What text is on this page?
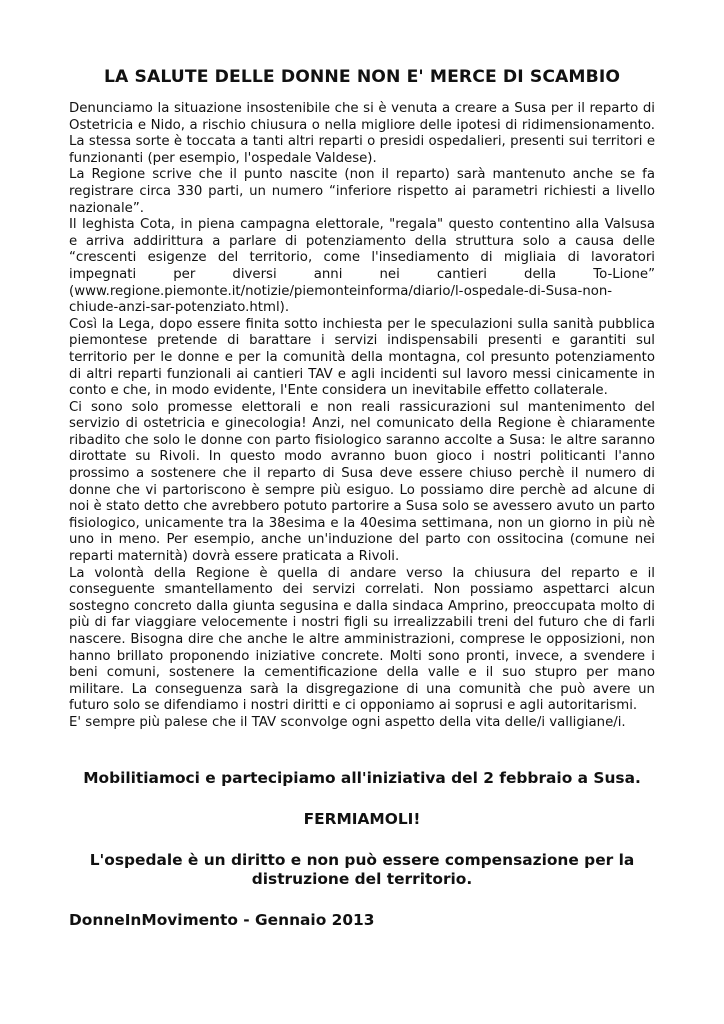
LA SALUTE DELLE DONNE NON E' MERCE DI SCAMBIO

Denunciamo la situazione insostenibile che si è venuta a creare a Susa per il reparto di Ostetricia e Nido, a rischio chiusura o nella migliore delle ipotesi di ridimensionamento. La stessa sorte è toccata a tanti altri reparti o presidi ospedalieri, presenti sui territori e funzionanti (per esempio, l'ospedale Valdese).

La Regione scrive che il punto nascite (non il reparto) sarà mantenuto anche se fa registrare circa 330 parti, un numero “inferiore rispetto ai parametri richiesti a livello nazionale”.

Il leghista Cota, in piena campagna elettorale, "regala" questo contentino alla Valsusa e arriva addirittura a parlare di potenziamento della struttura solo a causa delle “crescenti esigenze del territorio, come l'insediamento di migliaia di lavoratori impegnati per diversi anni nei cantieri della To-Lione” (www.regione.piemonte.it/notizie/piemonteinforma/diario/l-ospedale-di-Susa-non-chiude-anzi-sar-potenziato.html).

Così la Lega, dopo essere finita sotto inchiesta per le speculazioni sulla sanità pubblica piemontese pretende di barattare i servizi indispensabili presenti e garantiti sul territorio per le donne e per la comunità della montagna, col presunto potenziamento di altri reparti funzionali ai cantieri TAV e agli incidenti sul lavoro messi cinicamente in conto e che, in modo evidente, l'Ente considera un inevitabile effetto collaterale.

Ci sono solo promesse elettorali e non reali rassicurazioni sul mantenimento del servizio di ostetricia e ginecologia! Anzi, nel comunicato della Regione è chiaramente ribadito che solo le donne con parto fisiologico saranno accolte a Susa: le altre saranno dirottate su Rivoli. In questo modo avranno buon gioco i nostri politicanti l'anno prossimo a sostenere che il reparto di Susa deve essere chiuso perchè il numero di donne che vi partoriscono è sempre più esiguo. Lo possiamo dire perchè ad alcune di noi è stato detto che avrebbero potuto partorire a Susa solo se avessero avuto un parto fisiologico, unicamente tra la 38esima e la 40esima settimana, non un giorno in più nè uno in meno. Per esempio, anche un'induzione del parto con ossitocina (comune nei reparti maternità) dovrà essere praticata a Rivoli.

La volontà della Regione è quella di andare verso la chiusura del reparto e il conseguente smantellamento dei servizi correlati. Non possiamo aspettarci alcun sostegno concreto dalla giunta segusina e dalla sindaca Amprino, preoccupata molto di più di far viaggiare velocemente i nostri figli su irrealizzabili treni del futuro che di farli nascere. Bisogna dire che anche le altre amministrazioni, comprese le opposizioni, non hanno brillato proponendo iniziative concrete. Molti sono pronti, invece, a svendere i beni comuni, sostenere la cementificazione della valle e il suo stupro per mano militare. La conseguenza sarà la disgregazione di una comunità che può avere un futuro solo se difendiamo i nostri diritti e ci opponiamo ai soprusi e agli autoritarismi.

E' sempre più palese che il TAV sconvolge ogni aspetto della vita delle/i valligiane/i.

Mobilitiamoci e partecipiamo all'iniziativa del 2 febbraio a Susa.

FERMIAMOLI!

L'ospedale è un diritto e non può essere compensazione per la distruzione del territorio.

DonneInMovimento - Gennaio 2013
